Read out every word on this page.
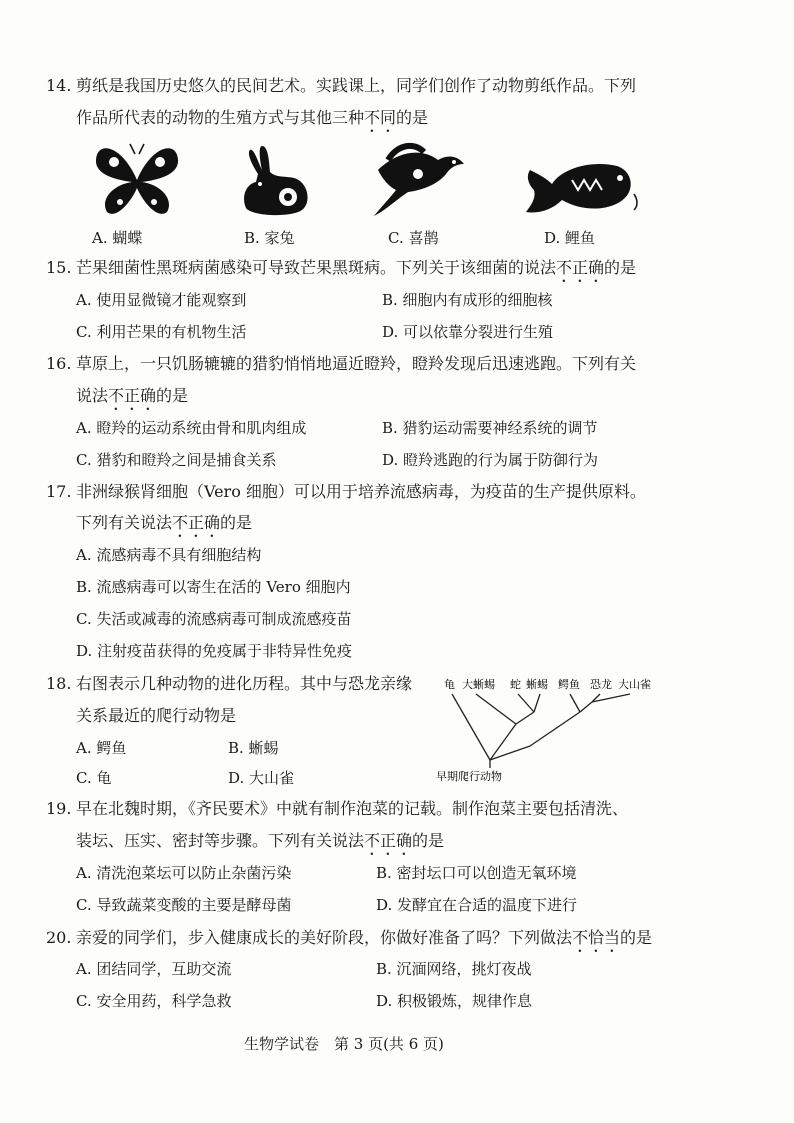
14. 剪纸是我国历史悠久的民间艺术。实践课上，同学们创作了动物剪纸作品。下列
作品所代表的动物的生殖方式与其他三种不同的是
A. 蝴蝶	B. 家兔	C. 喜鹊	D. 鲤鱼
15. 芒果细菌性黑斑病菌感染可导致芒果黑斑病。下列关于该细菌的说法不正确的是
A. 使用显微镜才能观察到	B. 细胞内有成形的细胞核
C. 利用芒果的有机物生活	D. 可以依靠分裂进行生殖
16. 草原上，一只饥肠辘辘的猎豹悄悄地逼近瞪羚，瞪羚发现后迅速逃跑。下列有关
说法不正确的是
A. 瞪羚的运动系统由骨和肌肉组成	B. 猎豹运动需要神经系统的调节
C. 猎豹和瞪羚之间是捕食关系	D. 瞪羚逃跑的行为属于防御行为
17. 非洲绿猴肾细胞（Vero 细胞）可以用于培养流感病毒，为疫苗的生产提供原料。
下列有关说法不正确的是
A. 流感病毒不具有细胞结构
B. 流感病毒可以寄生在活的 Vero 细胞内
C. 失活或减毒的流感病毒可制成流感疫苗
D. 注射疫苗获得的免疫属于非特异性免疫
18. 右图表示几种动物的进化历程。其中与恐龙亲缘
关系最近的爬行动物是
A. 鳄鱼	B. 蜥蜴
C. 龟	D. 大山雀
龟 大蜥蜴 蛇 蜥蜴 鳄鱼 恐龙 大山雀
早期爬行动物
19. 早在北魏时期，《齐民要术》中就有制作泡菜的记载。制作泡菜主要包括清洗、
装坛、压实、密封等步骤。下列有关说法不正确的是
A. 清洗泡菜坛可以防止杂菌污染	B. 密封坛口可以创造无氧环境
C. 导致蔬菜变酸的主要是酵母菌	D. 发酵宜在合适的温度下进行
20. 亲爱的同学们，步入健康成长的美好阶段，你做好准备了吗？下列做法不恰当的是
A. 团结同学，互助交流	B. 沉湎网络，挑灯夜战
C. 安全用药，科学急救	D. 积极锻炼，规律作息
生物学试卷　第 3 页(共 6 页)
